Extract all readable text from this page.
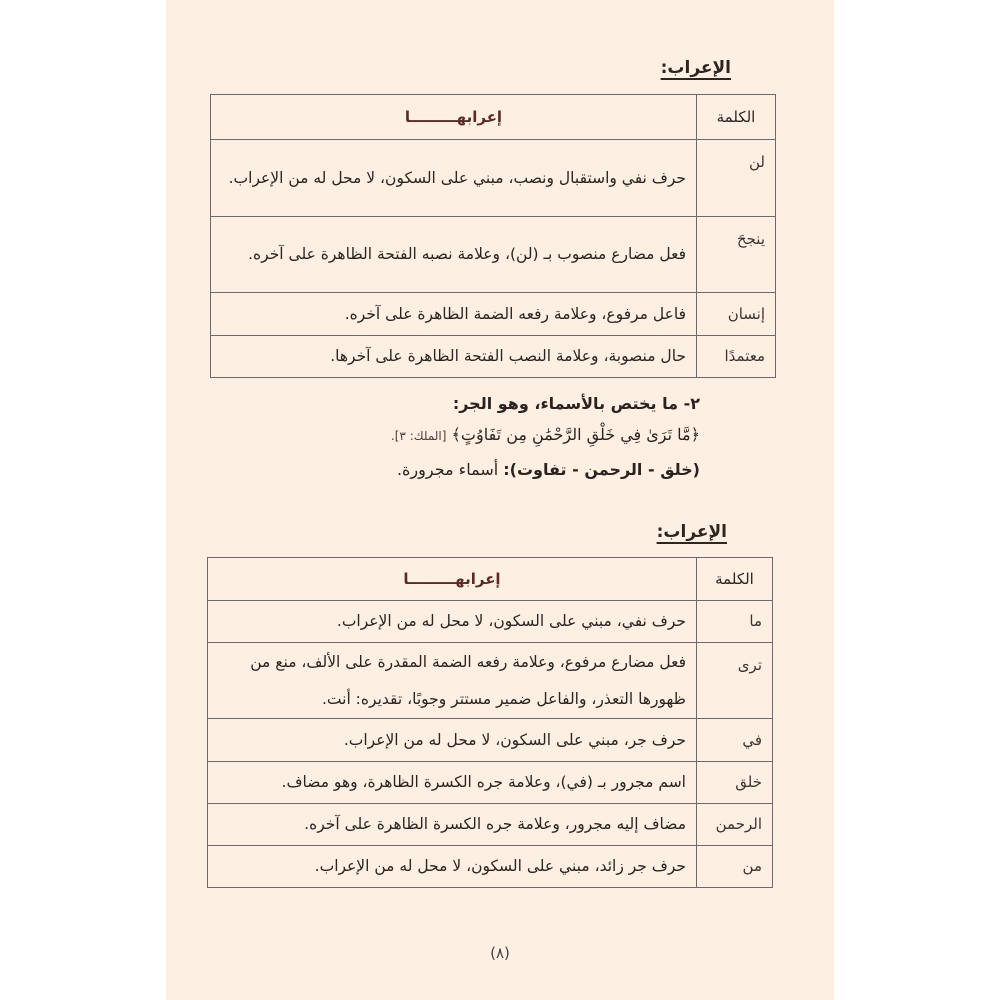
الإعراب:
الكلمة	إعرابهـــــــــا
لن	حرف نفي واستقبال ونصب، مبني على السكون، لا محل له من الإعراب.
ينجحَ	فعل مضارع منصوب بـ (لن)، وعلامة نصبه الفتحة الظاهرة على آخره.
إنسان	فاعل مرفوع، وعلامة رفعه الضمة الظاهرة على آخره.
معتمدًا	حال منصوبة، وعلامة النصب الفتحة الظاهرة على آخرها.
٢- ما يختص بالأسماء، وهو الجر:
﴿مَّا تَرَىٰ فِي خَلْقِ الرَّحْمَٰنِ مِن تَفَاوُتٍ﴾ [الملك: ٣].
(خلق - الرحمن - تفاوت): أسماء مجرورة.
الإعراب:
الكلمة	إعرابهـــــــــا
ما	حرف نفي، مبني على السكون، لا محل له من الإعراب.
ترى	فعل مضارع مرفوع، وعلامة رفعه الضمة المقدرة على الألف، منع من ظهورها التعذر، والفاعل ضمير مستتر وجوبًا، تقديره: أنت.
في	حرف جر، مبني على السكون، لا محل له من الإعراب.
خلق	اسم مجرور بـ (في)، وعلامة جره الكسرة الظاهرة، وهو مضاف.
الرحمن	مضاف إليه مجرور، وعلامة جره الكسرة الظاهرة على آخره.
من	حرف جر زائد، مبني على السكون، لا محل له من الإعراب.
(٨)
